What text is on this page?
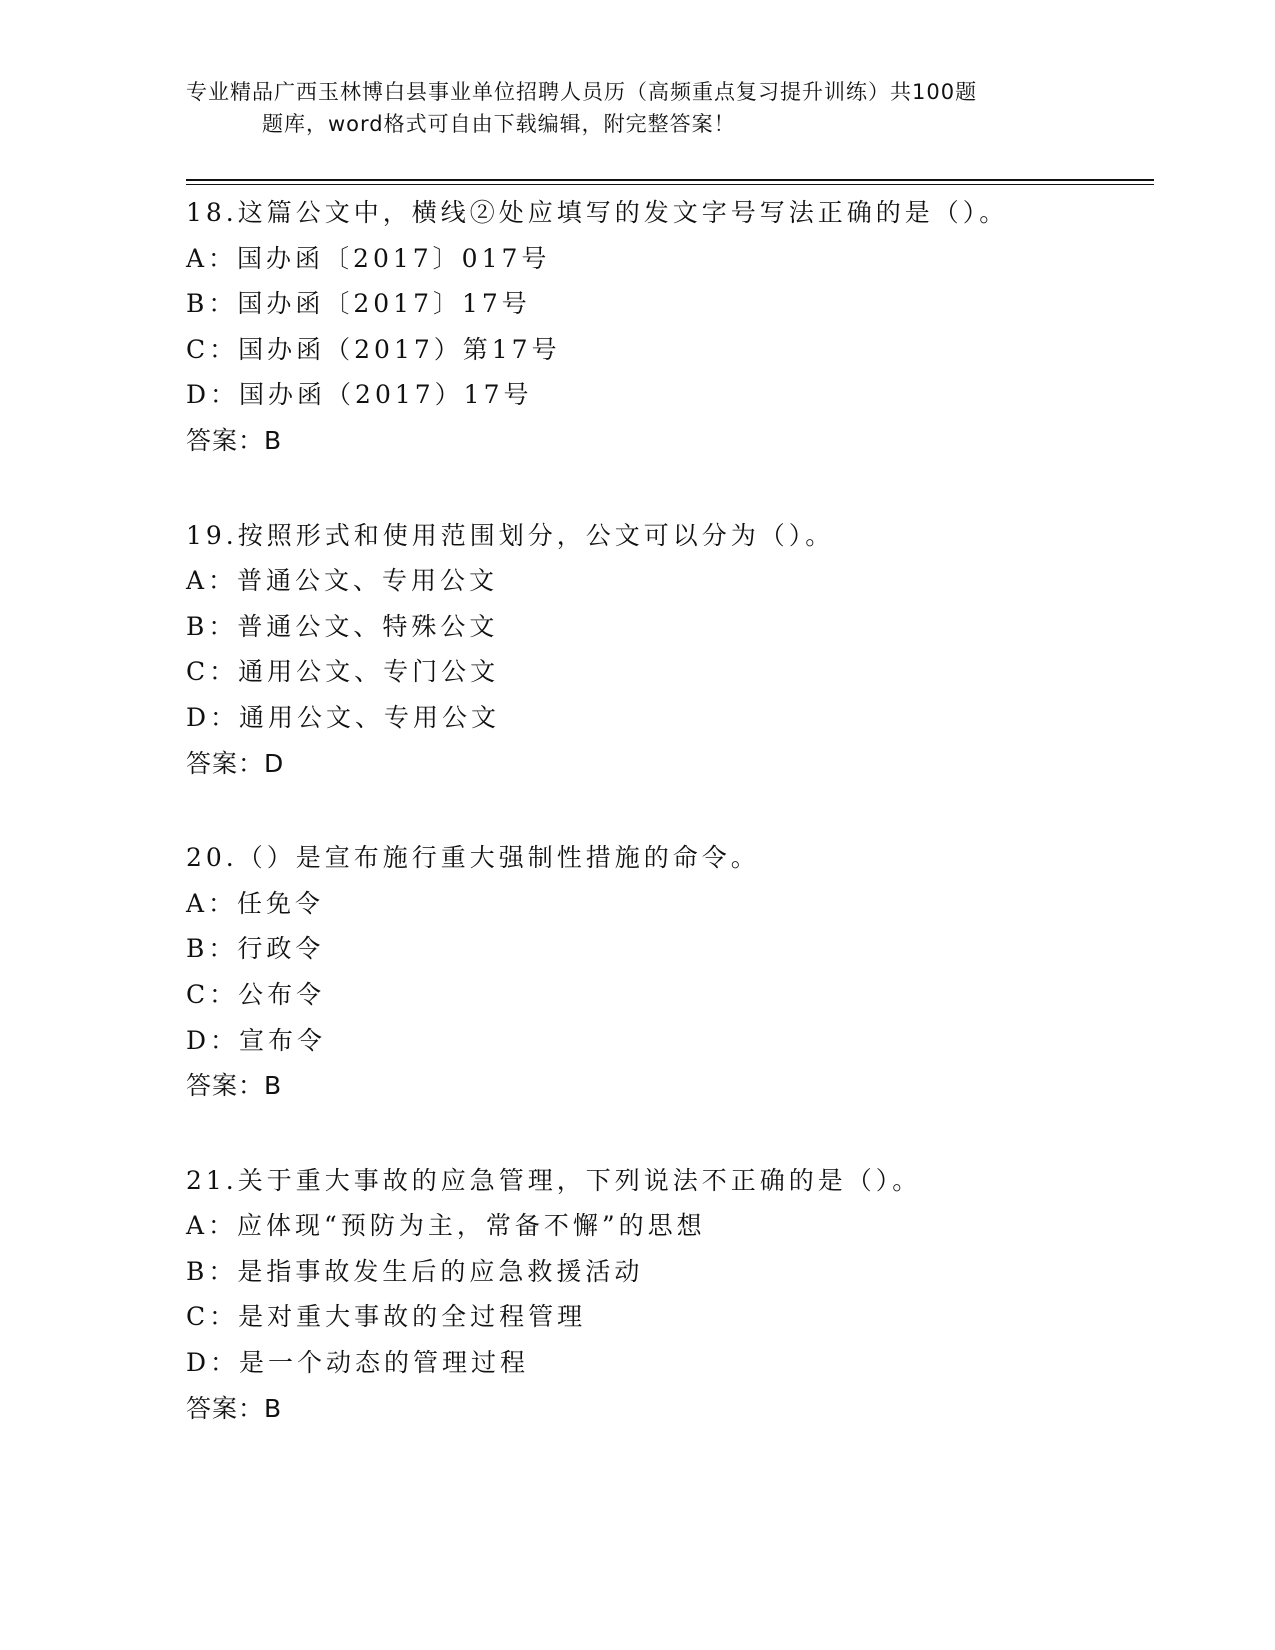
专业精品广西玉林博白县事业单位招聘人员历（高频重点复习提升训练）共100题
题库，word格式可自由下载编辑，附完整答案！
18.这篇公文中，横线②处应填写的发文字号写法正确的是（）。
A：国办函〔2017〕017号
B：国办函〔2017〕17号
C：国办函（2017）第17号
D：国办函（2017）17号
答案：B
19.按照形式和使用范围划分，公文可以分为（）。
A：普通公文、专用公文
B：普通公文、特殊公文
C：通用公文、专门公文
D：通用公文、专用公文
答案：D
20.（）是宣布施行重大强制性措施的命令。
A：任免令
B：行政令
C：公布令
D：宣布令
答案：B
21.关于重大事故的应急管理，下列说法不正确的是（）。
A：应体现“预防为主，常备不懈”的思想
B：是指事故发生后的应急救援活动
C：是对重大事故的全过程管理
D：是一个动态的管理过程
答案：B
